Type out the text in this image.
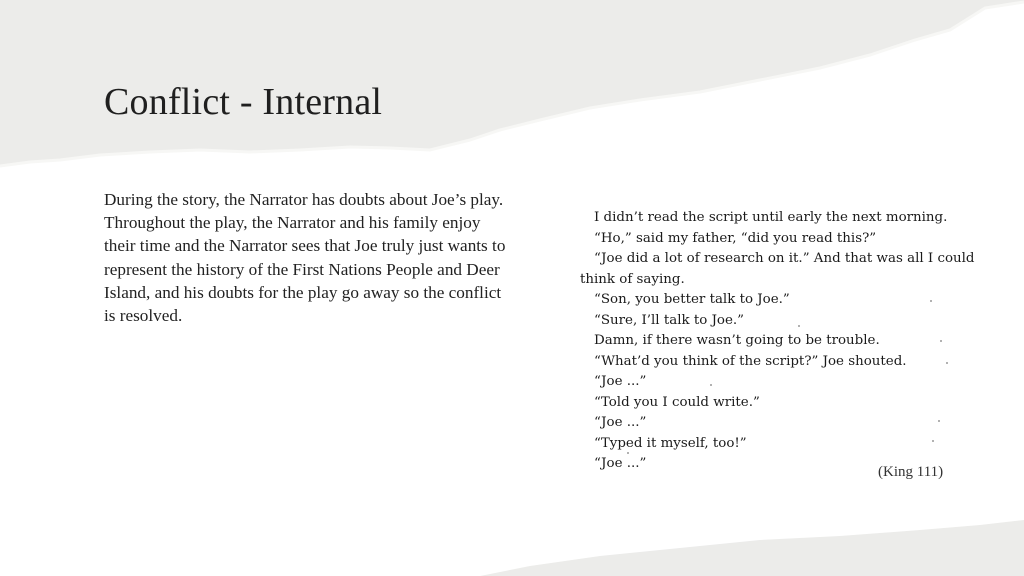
Conflict - Internal

During the story, the Narrator has doubts about Joe’s play. Throughout the play, the Narrator and his family enjoy their time and the Narrator sees that Joe truly just wants to represent the history of the First Nations People and Deer Island, and his doubts for the play go away so the conflict is resolved.

I didn’t read the script until early the next morning.
“Ho,” said my father, “did you read this?”
“Joe did a lot of research on it.” And that was all I could
think of saying.
“Son, you better talk to Joe.”
“Sure, I’ll talk to Joe.”
Damn, if there wasn’t going to be trouble.
“What’d you think of the script?” Joe shouted.
“Joe ...”
“Told you I could write.”
“Joe ...”
“Typed it myself, too!”
“Joe ...”
(King 111)
